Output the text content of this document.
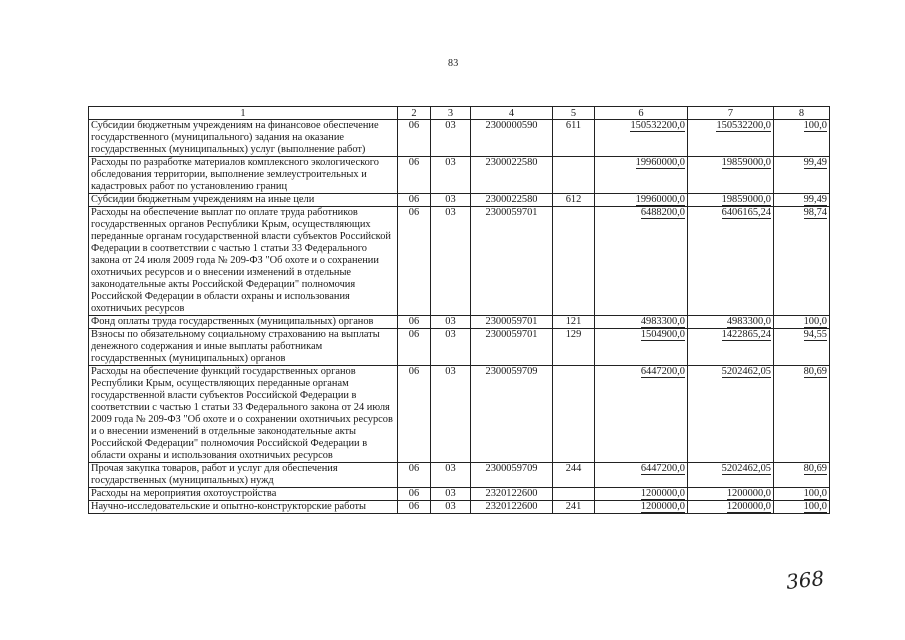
83
1	2	3	4	5	6	7	8
Субсидии бюджетным учреждениям на финансовое обеспечение государственного (муниципального) задания на оказание государственных (муниципальных) услуг (выполнение работ)	06	03	2300000590	611	150532200,0	150532200,0	100,0
Расходы по разработке материалов комплексного экологического обследования территории, выполнение землеустроительных и кадастровых работ по установлению границ	06	03	2300022580		19960000,0	19859000,0	99,49
Субсидии бюджетным учреждениям на иные цели	06	03	2300022580	612	19960000,0	19859000,0	99,49
Расходы на обеспечение выплат по оплате труда работников государственных органов Республики Крым, осуществляющих переданные органам государственной власти субъектов Российской Федерации в соответствии с частью 1 статьи 33 Федерального закона от 24 июля 2009 года № 209-ФЗ "Об охоте и о сохранении охотничьих ресурсов и о внесении изменений в отдельные законодательные акты Российской Федерации" полномочия Российской Федерации в области охраны и использования охотничьих ресурсов	06	03	2300059701		6488200,0	6406165,24	98,74
Фонд оплаты труда государственных (муниципальных) органов	06	03	2300059701	121	4983300,0	4983300,0	100,0
Взносы по обязательному социальному страхованию на выплаты денежного содержания и иные выплаты работникам государственных (муниципальных) органов	06	03	2300059701	129	1504900,0	1422865,24	94,55
Расходы на обеспечение функций государственных органов Республики Крым, осуществляющих переданные органам государственной власти субъектов Российской Федерации в соответствии с частью 1 статьи 33 Федерального закона от 24 июля 2009 года № 209-ФЗ "Об охоте и о сохранении охотничьих ресурсов и о внесении изменений в отдельные законодательные акты Российской Федерации" полномочия Российской Федерации в области охраны и использования охотничьих ресурсов	06	03	2300059709		6447200,0	5202462,05	80,69
Прочая закупка товаров, работ и услуг для обеспечения государственных (муниципальных) нужд	06	03	2300059709	244	6447200,0	5202462,05	80,69
Расходы на мероприятия охотоустройства	06	03	2320122600		1200000,0	1200000,0	100,0
Научно-исследовательские и опытно-конструкторские работы	06	03	2320122600	241	1200000,0	1200000,0	100,0
368
